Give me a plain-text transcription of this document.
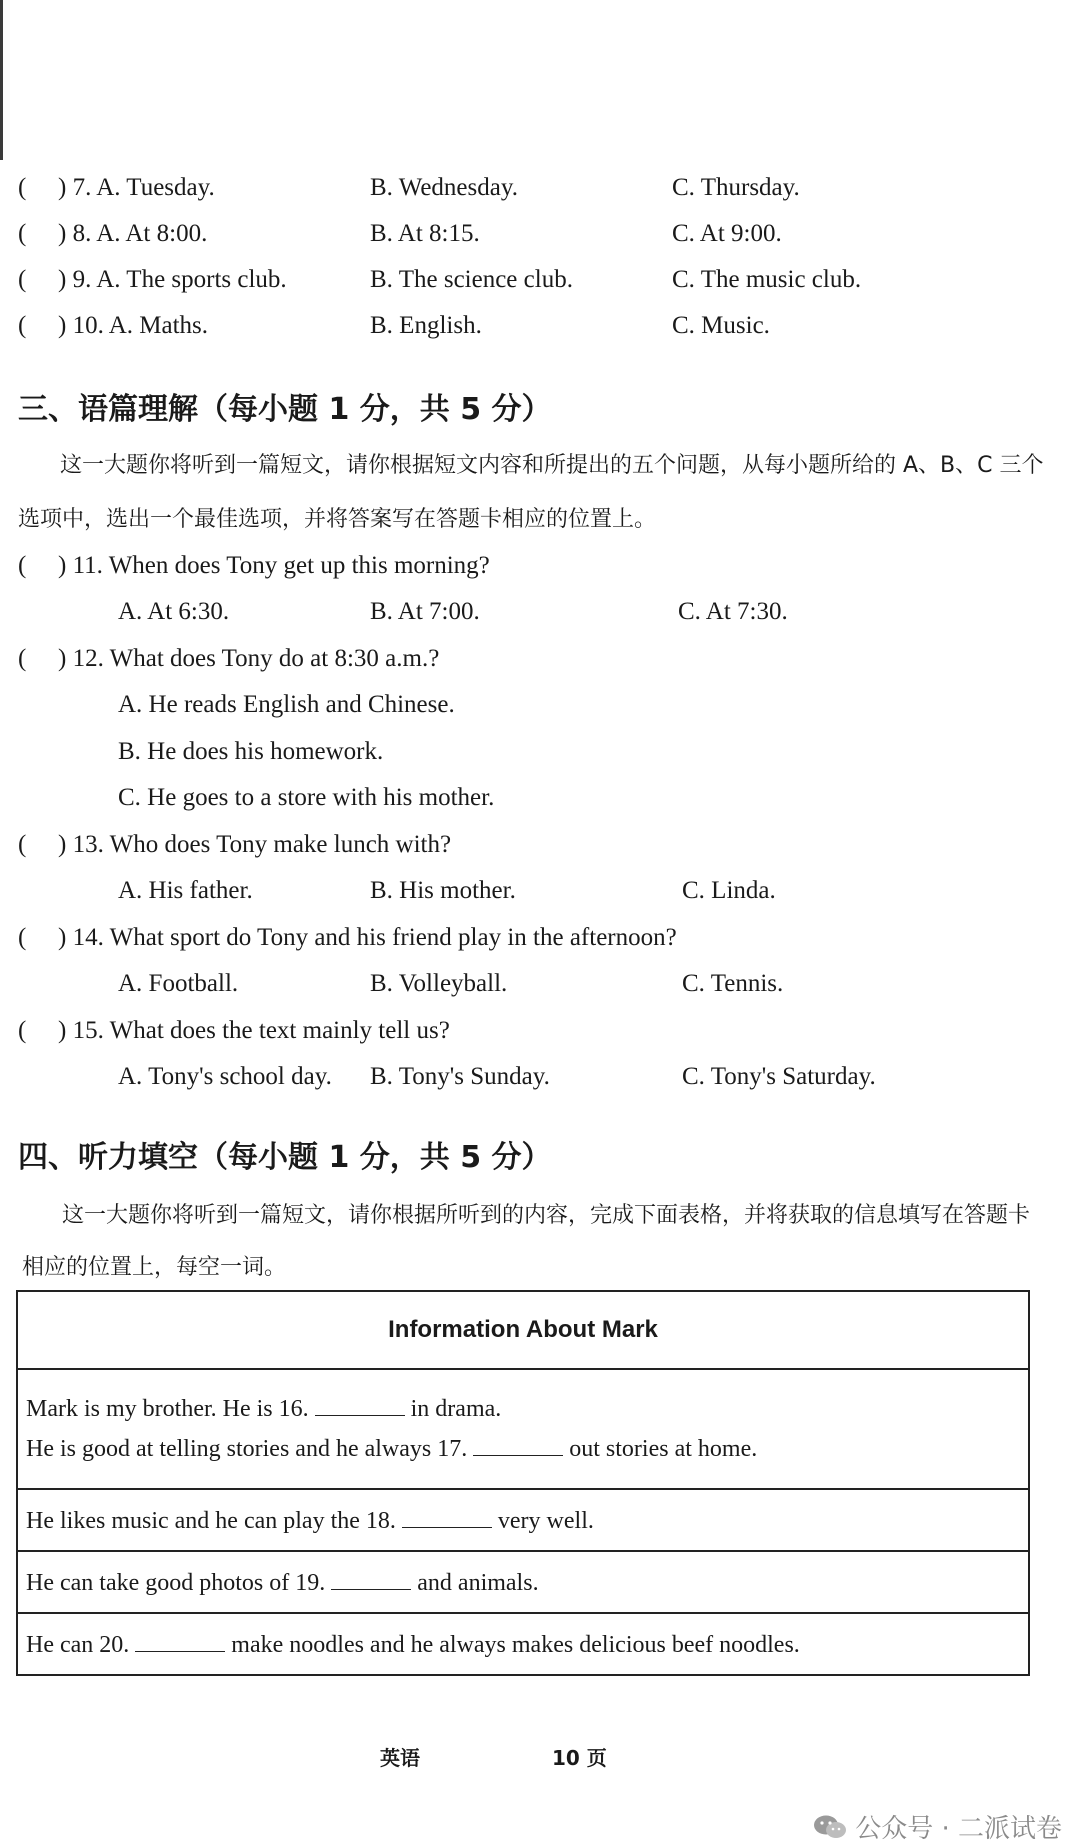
( ) 7. A. Tuesday.	B. Wednesday.	C. Thursday.
( ) 8. A. At 8:00.	B. At 8:15.	C. At 9:00.
( ) 9. A. The sports club.	B. The science club.	C. The music club.
( ) 10. A. Maths.	B. English.	C. Music.
三、语篇理解（每小题 1 分，共 5 分）
这一大题你将听到一篇短文，请你根据短文内容和所提出的五个问题，从每小题所给的 A、B、C 三个
选项中，选出一个最佳选项，并将答案写在答题卡相应的位置上。
( ) 11. When does Tony get up this morning?
A. At 6:30.	B. At 7:00.	C. At 7:30.
( ) 12. What does Tony do at 8:30 a.m.?
A. He reads English and Chinese.
B. He does his homework.
C. He goes to a store with his mother.
( ) 13. Who does Tony make lunch with?
A. His father.	B. His mother.	C. Linda.
( ) 14. What sport do Tony and his friend play in the afternoon?
A. Football.	B. Volleyball.	C. Tennis.
( ) 15. What does the text mainly tell us?
A. Tony's school day. B. Tony's Sunday.	C. Tony's Saturday.
四、听力填空（每小题 1 分，共 5 分）
这一大题你将听到一篇短文，请你根据所听到的内容，完成下面表格，并将获取的信息填写在答题卡
相应的位置上，每空一词。
Information About Mark

Mark is my brother. He is 16.	in drama.
He is good at telling stories and he always 17.	out stories at home.

He likes music and he can play the 18.	very well.
He can take good photos of 19.	and animals.
He can 20.	make noodles and he always makes delicious beef noodles.
英语	10 页
公众号 · 二派试卷
